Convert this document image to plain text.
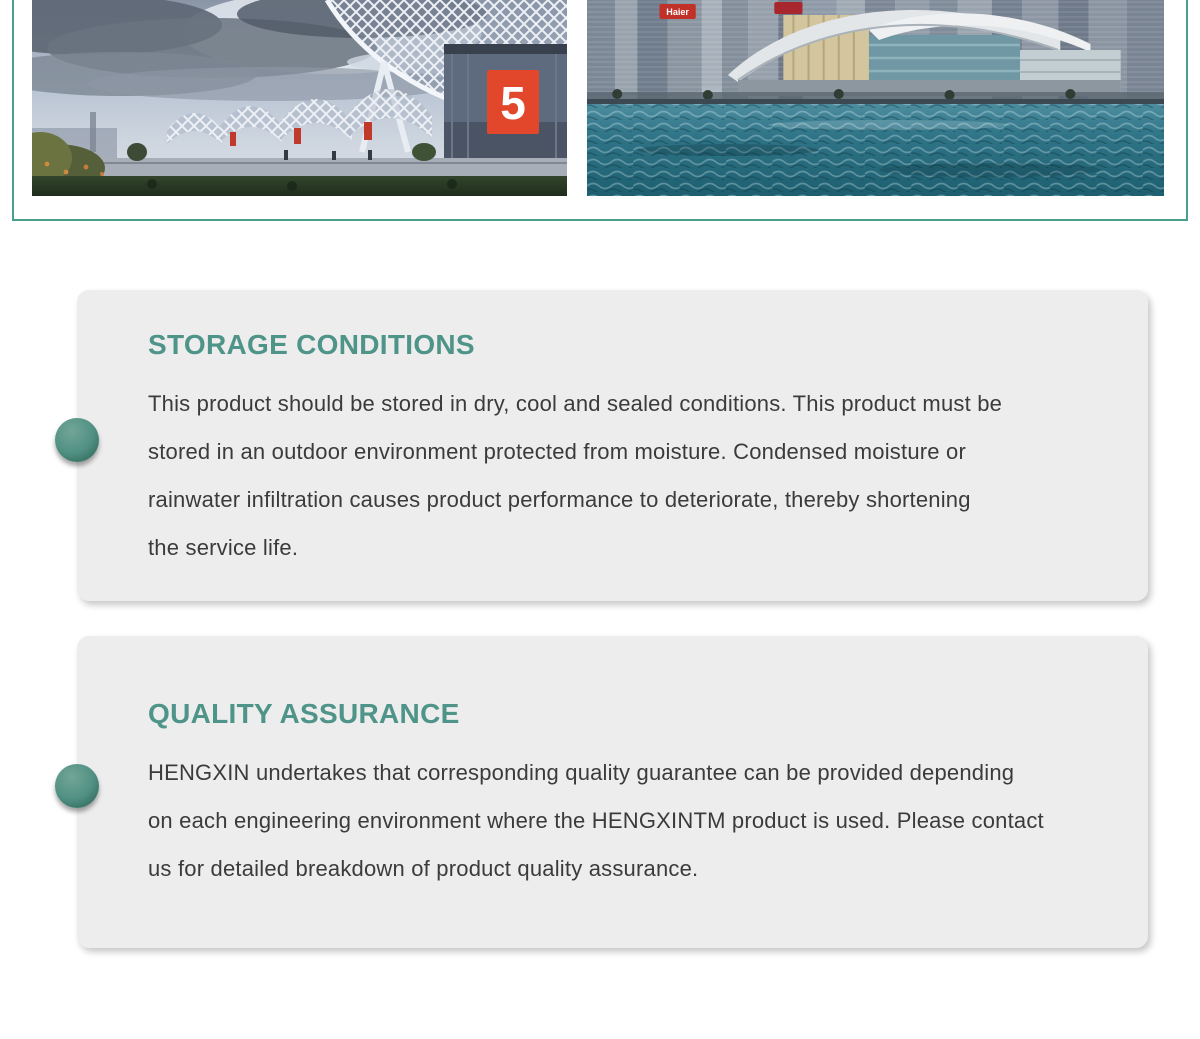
5
Haier
STORAGE CONDITIONS
This product should be stored in dry, cool and sealed conditions. This product must be
stored in an outdoor environment protected from moisture. Condensed moisture or
rainwater infiltration causes product performance to deteriorate, thereby shortening
the service life.
QUALITY ASSURANCE
HENGXIN undertakes that corresponding quality guarantee can be provided depending
on each engineering environment where the HENGXINTM product is used. Please contact
us for detailed breakdown of product quality assurance.
